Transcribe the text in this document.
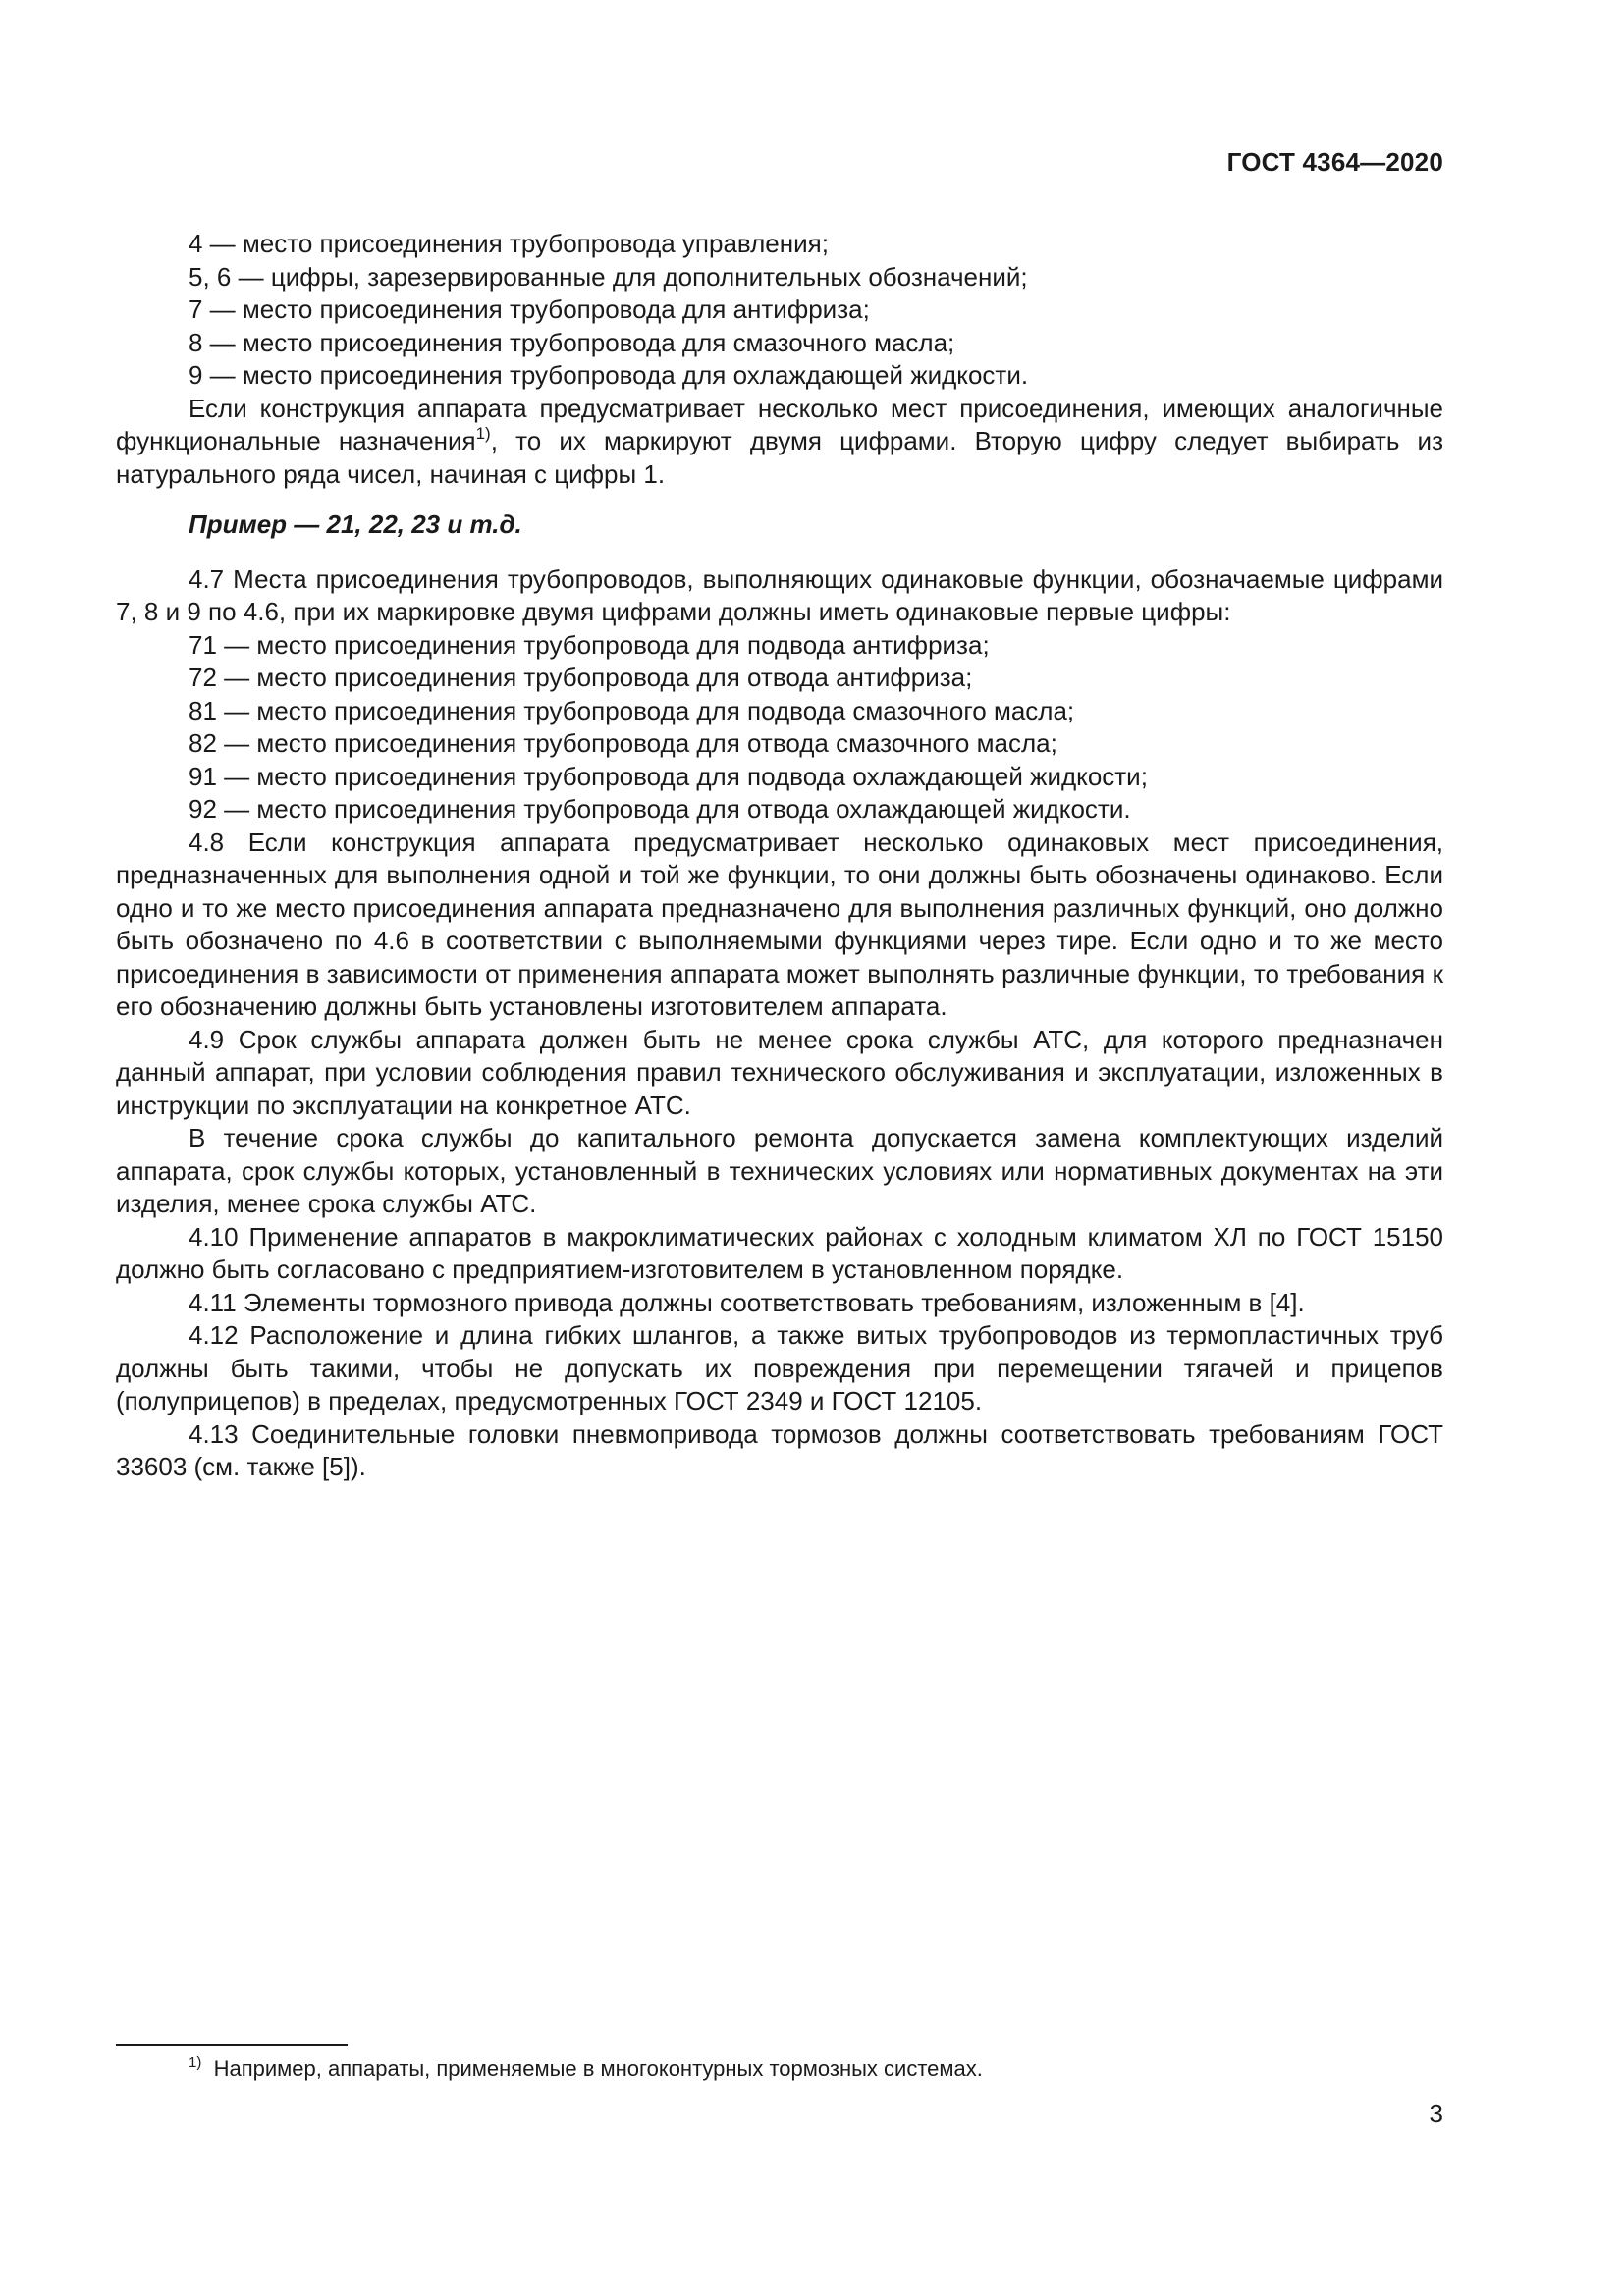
ГОСТ 4364—2020
4 — место присоединения трубопровода управления;
5, 6 — цифры, зарезервированные для дополнительных обозначений;
7 — место присоединения трубопровода для антифриза;
8 — место присоединения трубопровода для смазочного масла;
9 — место присоединения трубопровода для охлаждающей жидкости.

Если конструкция аппарата предусматривает несколько мест присоединения, имеющих аналогичные функциональные назначения$^{1)}$, то их маркируют двумя цифрами. Вторую цифру следует выбирать из натурального ряда чисел, начиная с цифры 1.

Пример — 21, 22, 23 и т.д.

4.7 Места присоединения трубопроводов, выполняющих одинаковые функции, обозначаемые цифрами 7, 8 и 9 по 4.6, при их маркировке двумя цифрами должны иметь одинаковые первые цифры:

71 — место присоединения трубопровода для подвода антифриза;
72 — место присоединения трубопровода для отвода антифриза;
81 — место присоединения трубопровода для подвода смазочного масла;
82 — место присоединения трубопровода для отвода смазочного масла;
91 — место присоединения трубопровода для подвода охлаждающей жидкости;
92 — место присоединения трубопровода для отвода охлаждающей жидкости.

4.8 Если конструкция аппарата предусматривает несколько одинаковых мест присоединения, предназначенных для выполнения одной и той же функции, то они должны быть обозначены одинаково. Если одно и то же место присоединения аппарата предназначено для выполнения различных функций, оно должно быть обозначено по 4.6 в соответствии с выполняемыми функциями через тире. Если одно и то же место присоединения в зависимости от применения аппарата может выполнять различные функции, то требования к его обозначению должны быть установлены изготовителем аппарата.

4.9 Срок службы аппарата должен быть не менее срока службы АТС, для которого предназначен данный аппарат, при условии соблюдения правил технического обслуживания и эксплуатации, изложенных в инструкции по эксплуатации на конкретное АТС.

В течение срока службы до капитального ремонта допускается замена комплектующих изделий аппарата, срок службы которых, установленный в технических условиях или нормативных документах на эти изделия, менее срока службы АТС.

4.10 Применение аппаратов в макроклиматических районах с холодным климатом ХЛ по ГОСТ 15150 должно быть согласовано с предприятием-изготовителем в установленном порядке.

4.11 Элементы тормозного привода должны соответствовать требованиям, изложенным в [4].

4.12 Расположение и длина гибких шлангов, а также витых трубопроводов из термопластичных труб должны быть такими, чтобы не допускать их повреждения при перемещении тягачей и прицепов (полуприцепов) в пределах, предусмотренных ГОСТ 2349 и ГОСТ 12105.

4.13 Соединительные головки пневмопривода тормозов должны соответствовать требованиям ГОСТ 33603 (см. также [5]).

$^{1)}$ Например, аппараты, применяемые в многоконтурных тормозных системах.
3
